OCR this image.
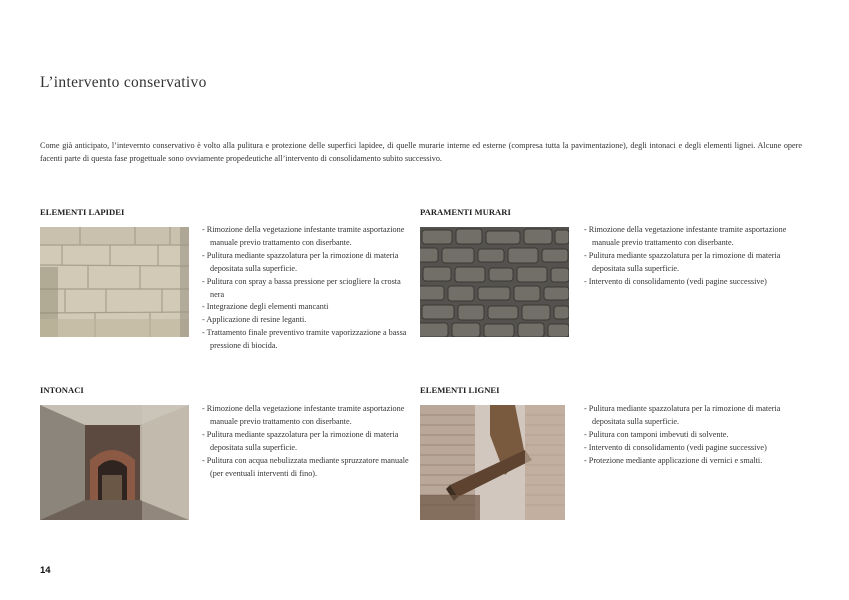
L’intervento conservativo
Come già anticipato, l’intevernto conservativo è volto alla pulitura e protezione delle superfici lapidee, di quelle murarie interne ed esterne (compresa tutta la pavimentazione), degli intonaci e degli elementi lignei. Alcune opere facenti parte di questa fase progettuale sono ovviamente propedeutiche all’intervento di consolidamento subito successivo.
ELEMENTI LAPIDEI
- Rimozione della vegetazione infestante tramite asportazione manuale previo trattamento con diserbante.
- Pulitura mediante spazzolatura per la rimozione di materia depositata sulla superficie.
- Pulitura con spray a bassa pressione per sciogliere la crosta nera
- Integrazione degli elementi mancanti
- Applicazione di resine leganti.
- Trattamento finale preventivo tramite vaporizzazione a bassa pressione di biocida.
PARAMENTI MURARI
- Rimozione della vegetazione infestante tramite asportazione manuale previo trattamento con diserbante.
- Pulitura mediante spazzolatura per la rimozione di materia depositata sulla superficie.
- Intervento di consolidamento (vedi pagine successive)
INTONACI
- Rimozione della vegetazione infestante tramite asportazione manuale previo trattamento con diserbante.
- Pulitura mediante spazzolatura per la rimozione di materia depositata sulla superficie.
- Pulitura con acqua nebulizzata mediante spruzzatore manuale (per eventuali interventi di fino).
ELEMENTI LIGNEI
- Pulitura mediante spazzolatura per la rimozione di materia depositata sulla superficie.
- Pulitura con tamponi imbevuti di solvente.
- Intervento di consolidamento (vedi pagine successive)
- Protezione mediante applicazione di vernici e smalti.
14
